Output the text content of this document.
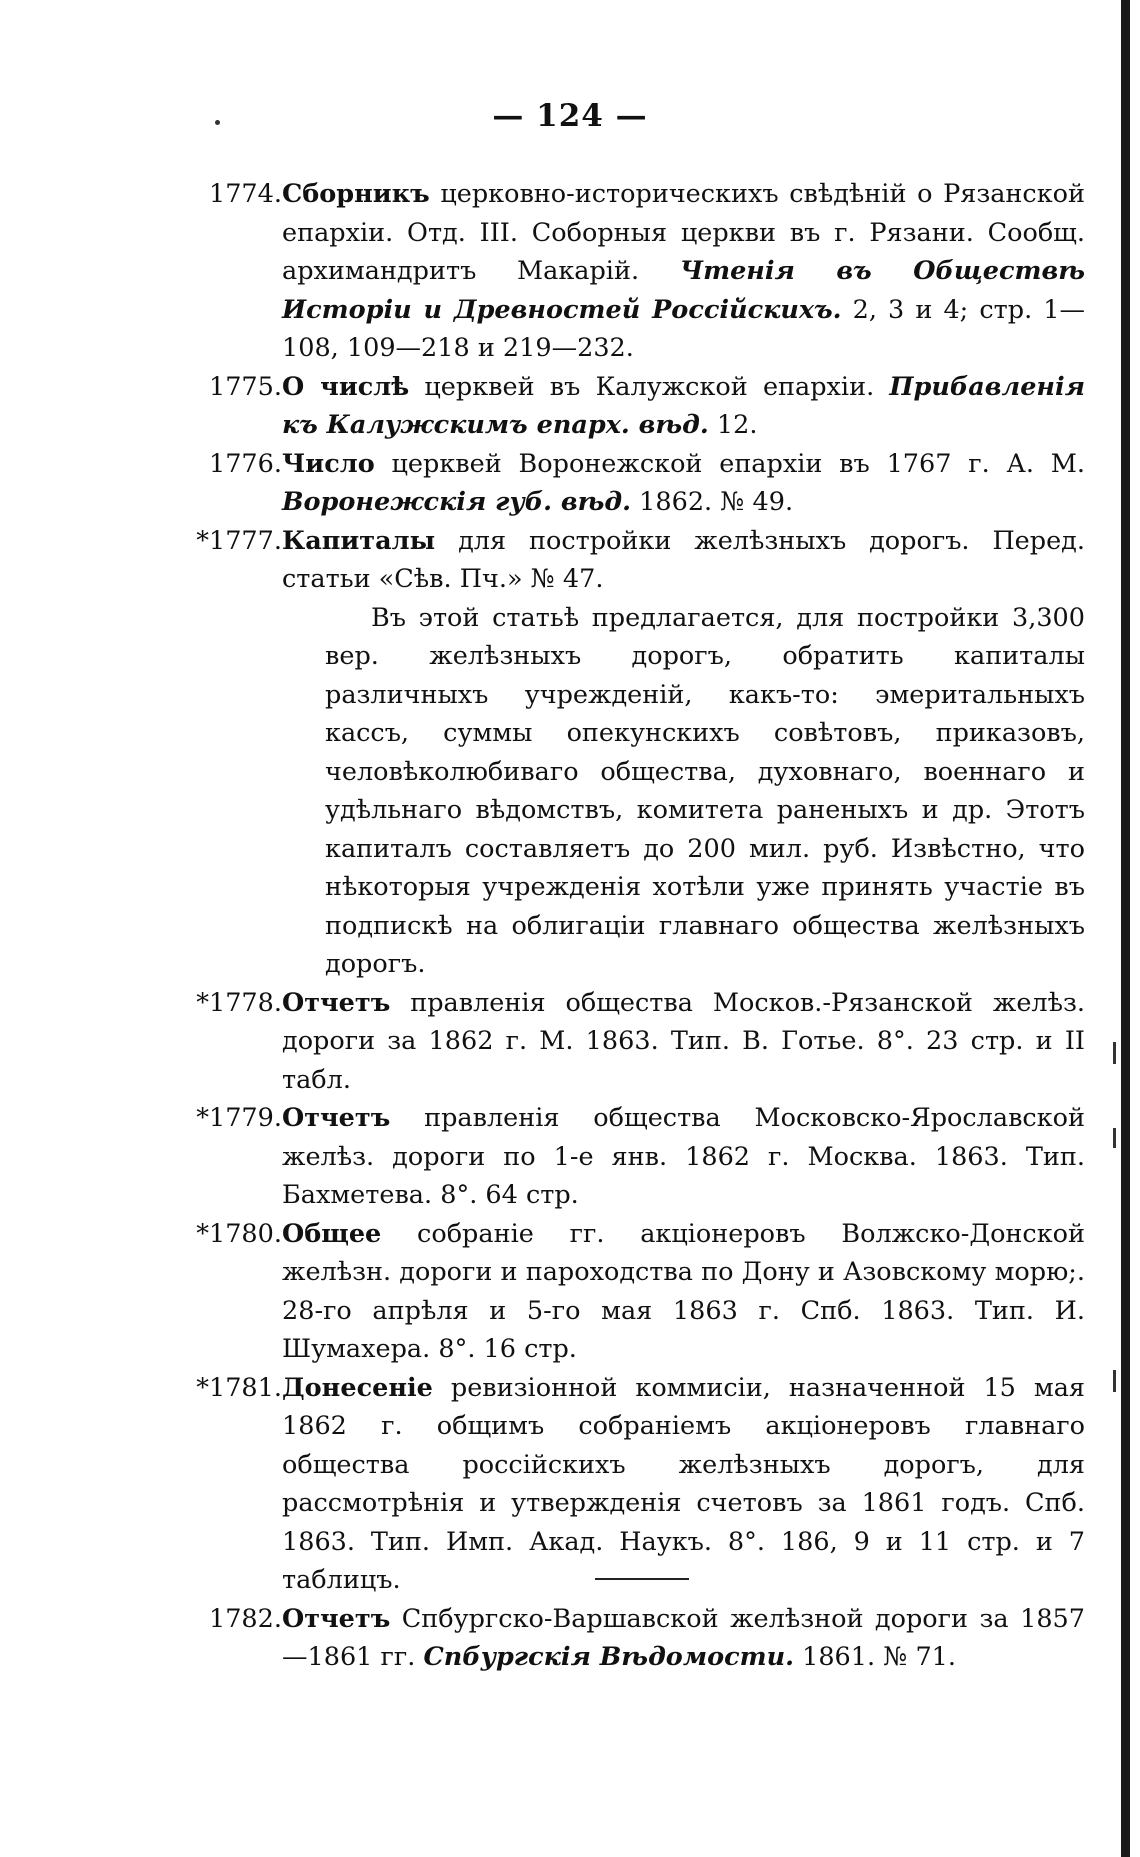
— 124 —
1774. Сборникъ церковно-историческихъ свѣдѣній о Рязанской епархіи. Отд. III. Соборныя церкви въ г. Рязани. Сообщ. архимандритъ Макарій. Чтенія въ Обществѣ Исторіи и Древностей Россійскихъ. 2, 3 и 4; стр. 1—108, 109—218 и 219—232.
1775. О числѣ церквей въ Калужской епархіи. Прибавленія къ Калужскимъ епарх. вѣд. 12.
1776. Число церквей Воронежской епархіи въ 1767 г. А. М. Воронежскія губ. вѣд. 1862. № 49.
*1777. Капиталы для постройки желѣзныхъ дорогъ. Перед. статьи «Сѣв. Пч.» № 47.
Въ этой статьѣ предлагается, для постройки 3,300 вер. желѣзныхъ дорогъ, обратить капиталы различныхъ учрежденій, какъ-то: эмеритальныхъ кассъ, суммы опекунскихъ совѣтовъ, приказовъ, человѣколюбиваго общества, духовнаго, военнаго и удѣльнаго вѣдомствъ, комитета раненыхъ и др. Этотъ капиталъ составляетъ до 200 мил. руб. Извѣстно, что нѣкоторыя учрежденія хотѣли уже принять участіе въ подпискѣ на облигаціи главнаго общества желѣзныхъ дорогъ.
*1778. Отчетъ правленія общества Москов.-Рязанской желѣз. дороги за 1862 г. М. 1863. Тип. В. Готье. 8°. 23 стр. и II табл.
*1779. Отчетъ правленія общества Московско-Ярославской желѣз. дороги по 1-е янв. 1862 г. Москва. 1863. Тип. Бахметева. 8°. 64 стр.
*1780. Общее собраніе гг. акціонеровъ Волжско-Донской желѣзн. дороги и пароходства по Дону и Азовскому морю;. 28-го апрѣля и 5-го мая 1863 г. Спб. 1863. Тип. И. Шумахера. 8°. 16 стр.
*1781. Донесеніе ревизіонной коммисіи, назначенной 15 мая 1862 г. общимъ собраніемъ акціонеровъ главнаго общества россійскихъ желѣзныхъ дорогъ, для рассмотрѣнія и утвержденія счетовъ за 1861 годъ. Спб. 1863. Тип. Имп. Акад. Наукъ. 8°. 186, 9 и 11 стр. и 7 таблицъ.
1782. Отчетъ Спбургско-Варшавской желѣзной дороги за 1857—1861 гг. Спбургскія Вѣдомости. 1861. № 71.
